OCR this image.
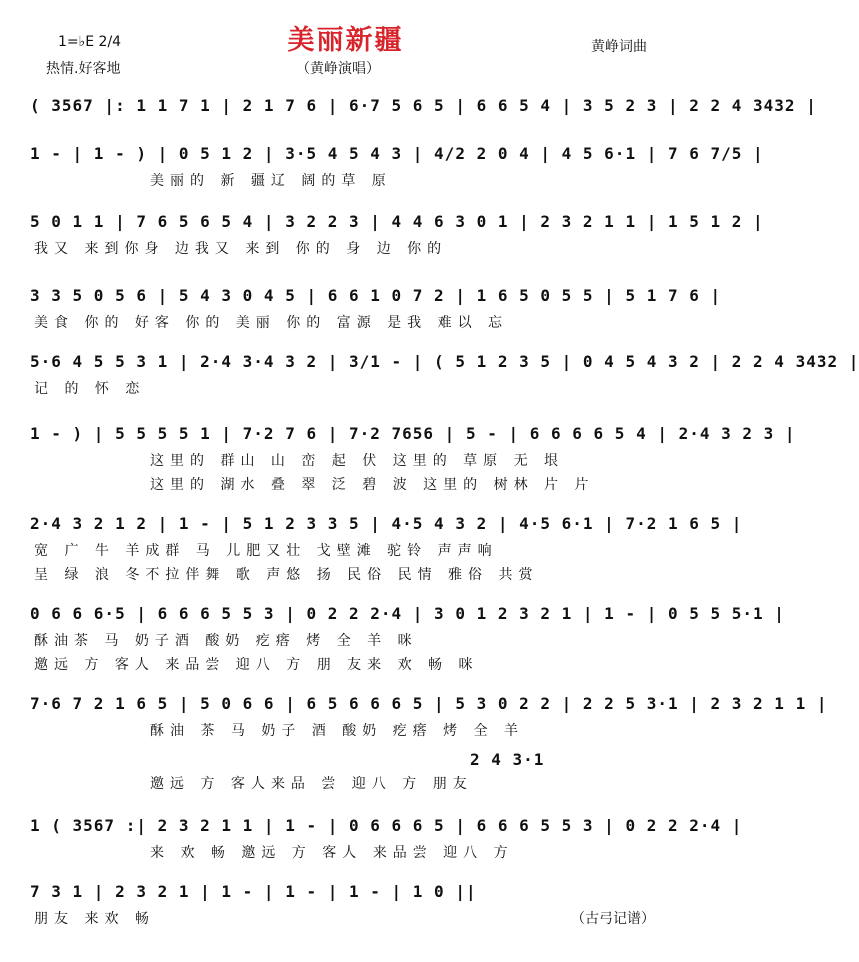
美丽新疆
1=♭E 2/4
热情.好客地	（黄峥演唱）
黄峥词曲
( 3567 |: 1 1 7 1 | 2 1 7 6 | 6·7 5 6 5 | 6 6 5 4 | 3 5 2 3 | 2 2 4 3432 |
1 - | 1 - ) | 0 5 1 2 | 3·5 4 5 4 3 | 4/2 2 0 4 | 4 5 6·1 | 7 6 7/5 |
美丽的 新 疆辽 阔的草 原
5 0 1 1 | 7 6 5 6 5 4 | 3 2 2 3 | 4 4 6 3 0 1 | 2 3 2 1 1 | 1 5 1 2 |
我又 来到你身 边我又 来到 你的 身 边 你的
3 3 5 0 5 6 | 5 4 3 0 4 5 | 6 6 1 0 7 2 | 1 6 5 0 5 5 | 5 1 7 6 |
美食 你的 好客 你的 美丽 你的 富源 是我 难以 忘
5·6 4 5 5 3 1 | 2·4 3·4 3 2 | 3/1 - | ( 5 1 2 3 5 | 0 4 5 4 3 2 | 2 2 4 3432 |
记 的 怀 恋
1 - ) | 5 5 5 5 1 | 7·2 7 6 | 7·2 7656 | 5 - | 6 6 6 6 5 4 | 2·4 3 2 3 |
这里的 群山 山 峦 起 伏 这里的 草原 无 垠
这里的 湖水 叠 翠 泛 碧 波 这里的 树林 片 片
2·4 3 2 1 2 | 1 - | 5 1 2 3 3 5 | 4·5 4 3 2 | 4·5 6·1 | 7·2 1 6 5 |
宽 广 牛 羊成群 马 儿肥又壮 戈壁滩 驼铃 声声响
呈 绿 浪 冬不拉伴舞 歌 声悠 扬 民俗 民情 雅俗 共赏
0 6 6 6·5 | 6 6 6 5 5 3 | 0 2 2 2·4 | 3 0 1 2 3 2 1 | 1 - | 0 5 5 5·1 |
酥油茶 马 奶子酒 酸奶 疙瘩 烤 全 羊 咪
邀远 方 客人 来品尝 迎八 方 朋 友来 欢 畅 咪
7·6 7 2 1 6 5 | 5 0 6 6 | 6 5 6 6 6 5 | 5 3 0 2 2 | 2 2 5 3·1 | 2 3 2 1 1 |
酥油 茶 马 奶子 酒 酸奶 疙瘩 烤 全 羊
2 4 3·1
邀远 方 客人来品 尝 迎八 方 朋友
1 ( 3567 :| 2 3 2 1 1 | 1 - | 0 6 6 6 5 | 6 6 6 5 5 3 | 0 2 2 2·4 |
来 欢 畅 邀远 方 客人 来品尝 迎八 方
7 3 1 | 2 3 2 1 | 1 - | 1 - | 1 - | 1 0 ||
朋友 来欢 畅	（古弓记谱）
